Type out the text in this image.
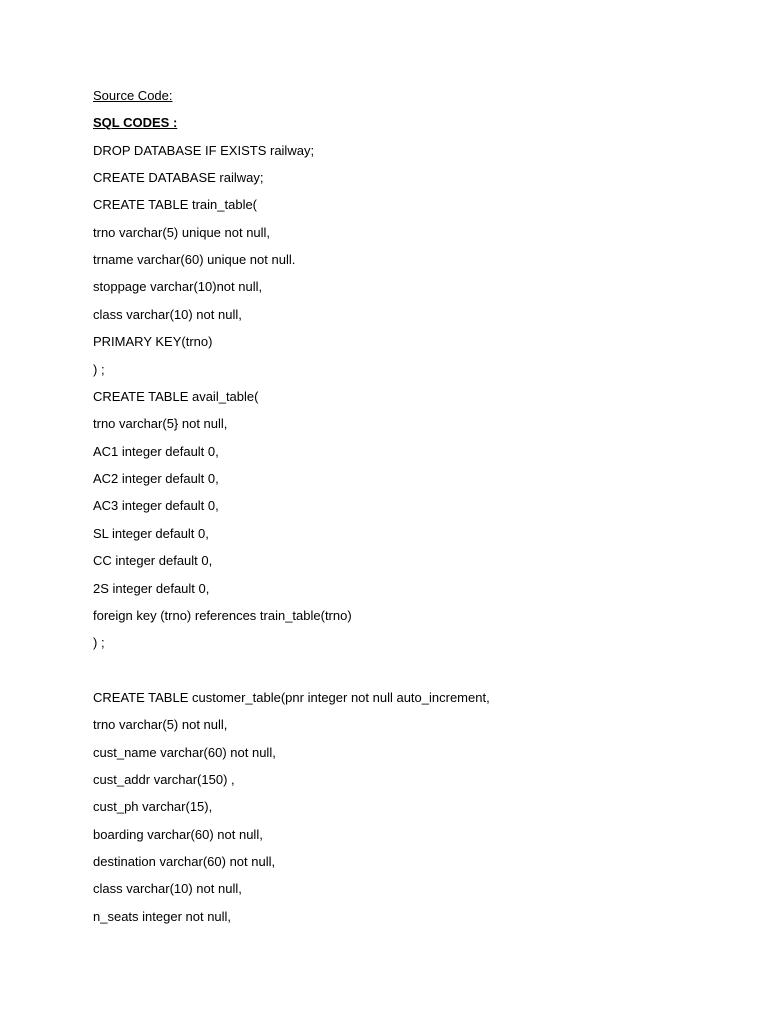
Source Code:
SQL CODES :
DROP DATABASE IF EXISTS railway;
CREATE DATABASE railway;
CREATE TABLE train_table(
trno varchar(5) unique not null,
trname varchar(60) unique not null.
stoppage varchar(10)not null,
class varchar(10) not null,
PRIMARY KEY(trno)
) ;
CREATE TABLE avail_table(
trno varchar(5} not null,
AC1 integer default 0,
AC2 integer default 0,
AC3 integer default 0,
SL integer default 0,
CC integer default 0,
2S integer default 0,
foreign key (trno) references train_table(trno)
) ;
CREATE TABLE customer_table(pnr integer not null auto_increment,
trno varchar(5) not null,
cust_name varchar(60) not null,
cust_addr varchar(150) ,
cust_ph varchar(15),
boarding varchar(60) not null,
destination varchar(60) not null,
class varchar(10) not null,
n_seats integer not null,
